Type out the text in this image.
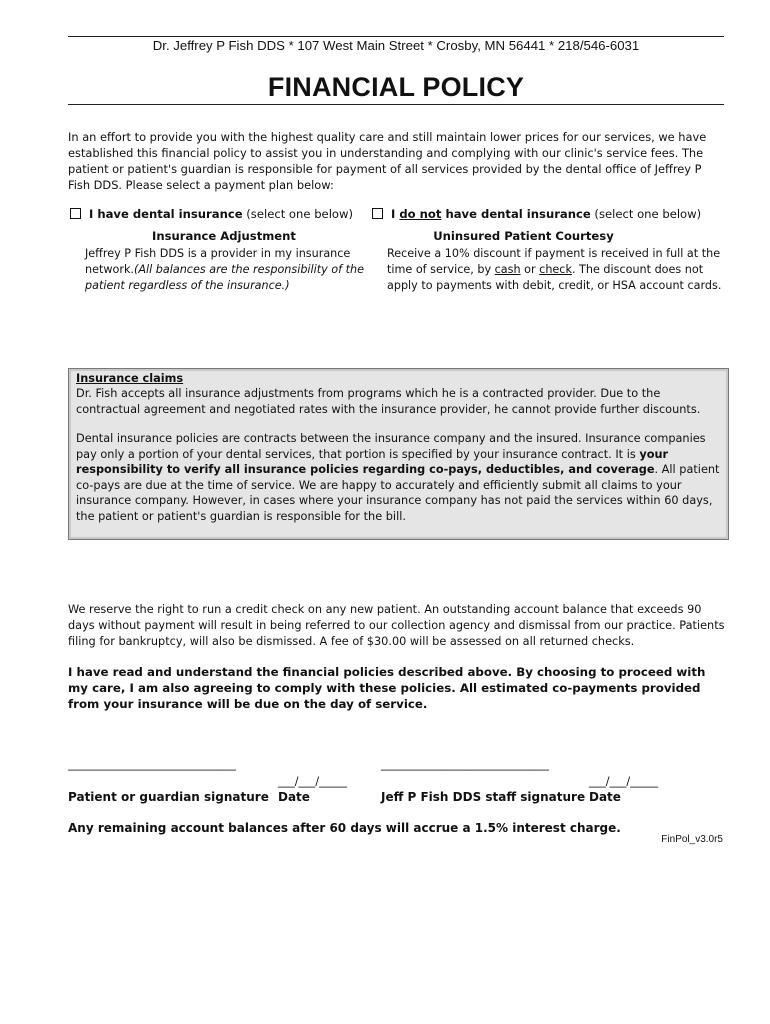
Dr. Jeffrey P Fish DDS * 107 West Main Street * Crosby, MN 56441 * 218/546-6031
FINANCIAL POLICY
In an effort to provide you with the highest quality care and still maintain lower prices for our services, we have established this financial policy to assist you in understanding and complying with our clinic's service fees. The patient or patient's guardian is responsible for payment of all services provided by the dental office of Jeffrey P Fish DDS. Please select a payment plan below:
I have dental insurance (select one below)
Insurance Adjustment
Jeffrey P Fish DDS is a provider in my insurance network.(All balances are the responsibility of the patient regardless of the insurance.)
I do not have dental insurance (select one below)
Uninsured Patient Courtesy
Receive a 10% discount if payment is received in full at the time of service, by cash or check. The discount does not apply to payments with debit, credit, or HSA account cards.
Insurance claims
Dr. Fish accepts all insurance adjustments from programs which he is a contracted provider. Due to the contractual agreement and negotiated rates with the insurance provider, he cannot provide further discounts.
Dental insurance policies are contracts between the insurance company and the insured. Insurance companies pay only a portion of your dental services, that portion is specified by your insurance contract. It is your responsibility to verify all insurance policies regarding co-pays, deductibles, and coverage. All patient co-pays are due at the time of service. We are happy to accurately and efficiently submit all claims to your insurance company. However, in cases where your insurance company has not paid the services within 60 days, the patient or patient's guardian is responsible for the bill.
We reserve the right to run a credit check on any new patient. An outstanding account balance that exceeds 90 days without payment will result in being referred to our collection agency and dismissal from our practice. Patients filing for bankruptcy, will also be dismissed. A fee of $30.00 will be assessed on all returned checks.
I have read and understand the financial policies described above. By choosing to proceed with my care, I am also agreeing to comply with these policies. All estimated co-payments provided from your insurance will be due on the day of service.
______________________________
___/___/_____
______________________________
___/___/_____
Patient or guardian signature Date	Jeff P Fish DDS staff signature Date
Any remaining account balances after 60 days will accrue a 1.5% interest charge.
FinPol_v3.0r5
